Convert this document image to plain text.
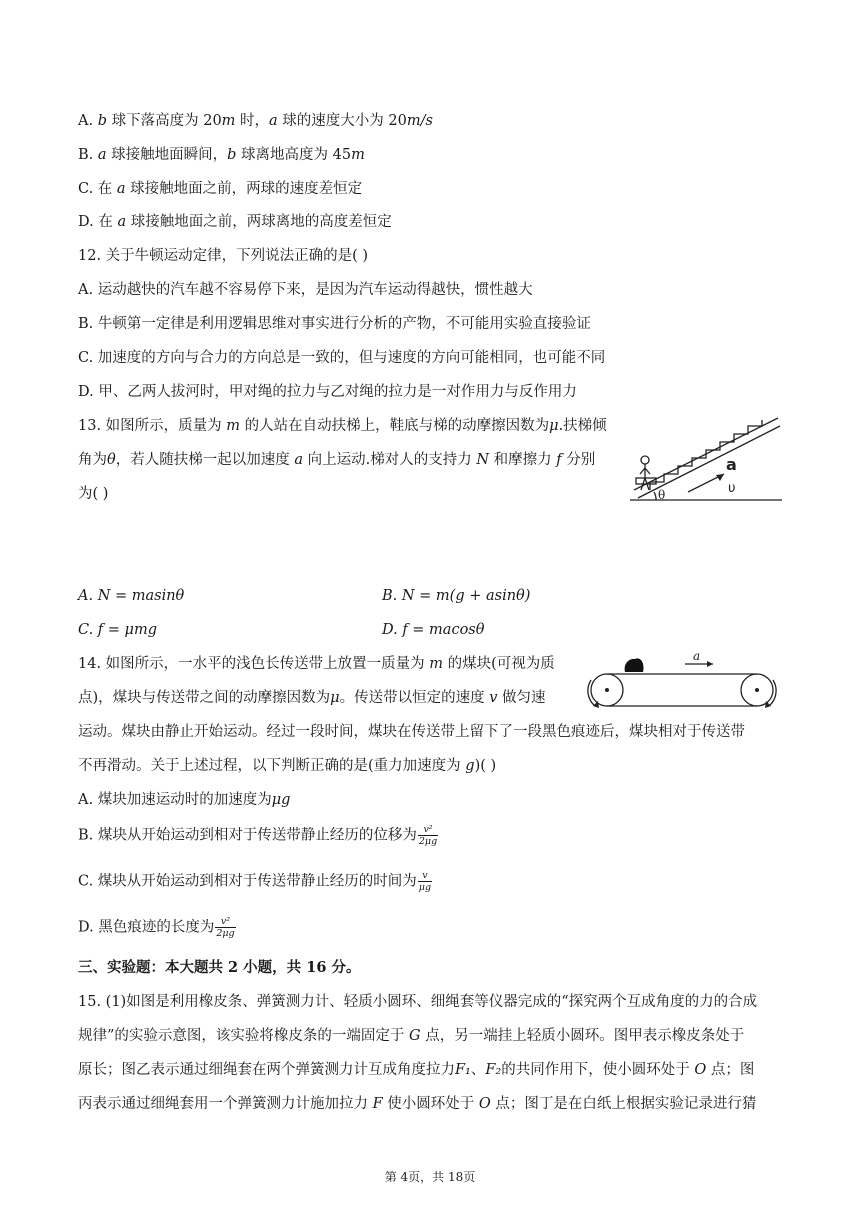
A. b 球下落高度为 20m 时，a 球的速度大小为 20m/s
B. a 球接触地面瞬间，b 球离地高度为 45m
C. 在 a 球接触地面之前，两球的速度差恒定
D. 在 a 球接触地面之前，两球离地的高度差恒定
12. 关于牛顿运动定律，下列说法正确的是( )
A. 运动越快的汽车越不容易停下来，是因为汽车运动得越快，惯性越大
B. 牛顿第一定律是利用逻辑思维对事实进行分析的产物，不可能用实验直接验证
C. 加速度的方向与合力的方向总是一致的，但与速度的方向可能相同，也可能不同
D. 甲、乙两人拔河时，甲对绳的拉力与乙对绳的拉力是一对作用力与反作用力
13. 如图所示，质量为 m 的人站在自动扶梯上，鞋底与梯的动摩擦因数为μ.扶梯倾
角为θ，若人随扶梯一起以加速度 a 向上运动.梯对人的支持力 N 和摩擦力 f 分别
为( )
a
υ
θ
A. N = masinθ	B. N = m(g + asinθ)
C. f = μmg	D. f = macosθ
14. 如图所示，一水平的浅色长传送带上放置一质量为 m 的煤块(可视为质
点)，煤块与传送带之间的动摩擦因数为μ。传送带以恒定的速度 v 做匀速
运动。煤块由静止开始运动。经过一段时间，煤块在传送带上留下了一段黑色痕迹后，煤块相对于传送带
不再滑动。关于上述过程，以下判断正确的是(重力加速度为 g)( )
a
A. 煤块加速运动时的加速度为μg
B. 煤块从开始运动到相对于传送带静止经历的位移为 $\frac{\text{v²}}{2\mu g}$
C. 煤块从开始运动到相对于传送带静止经历的时间为 $\frac{v}{\mu g}$
D. 黑色痕迹的长度为 $\frac{\text{v²}}{2\mu g}$
三、实验题：本大题共 2 小题，共 16 分。
15. (1)如图是利用橡皮条、弹簧测力计、轻质小圆环、细绳套等仪器完成的“探究两个互成角度的力的合成
规律”的实验示意图，该实验将橡皮条的一端固定于 G 点，另一端挂上轻质小圆环。图甲表示橡皮条处于
原长；图乙表示通过细绳套在两个弹簧测力计互成角度拉力F₁、F₂的共同作用下，使小圆环处于 O 点；图
丙表示通过细绳套用一个弹簧测力计施加拉力 F 使小圆环处于 O 点；图丁是在白纸上根据实验记录进行猜
第 4页，共 18页
